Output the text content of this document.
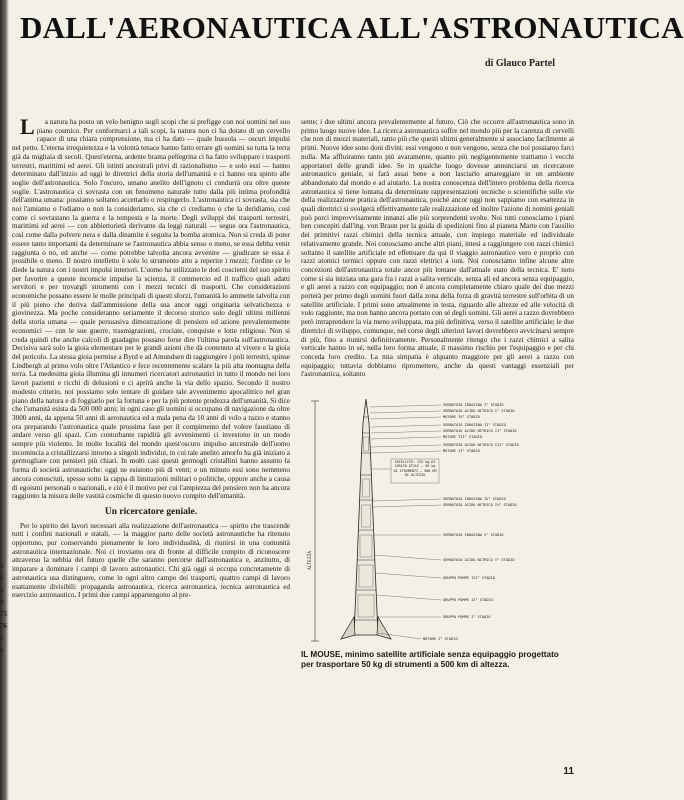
DALL'AERONAUTICA ALL'ASTRONAUTICA
di Glauco Partel

La natura ha posto un velo benigno sugli scopi che si prefigge con noi uomini nel suo piano cosmico. Per conformarci a tali scopi, la natura non ci ha dotato di un cervello capace di una chiara comprensione, ma ci ha dato — quale bussola — oscuri impulsi nel petto. L'eterna irrequietezza e la volontà tenace hanno fatto errare gli uomini su tutta la terra già da migliaia di secoli. Quest'eterna, ardente brama pellegrina ci ha fatto sviluppare i trasporti terrestri, marittimi ed aerei. Gli istinti ancestrali privi di razionalismo — e solo essi — hanno determinato dall'inizio ad oggi le direttrici della storia dell'umanità e ci hanno ora spinto alle soglie dell'astronautica. Solo l'oscuro, umano anelito dell'ignoto ci condurrà ora oltre queste soglie. L'astronautica ci sovrasta con un fenomeno naturale tutto dalla più intima profondità dell'anima umana: possiamo soltanto accettarlo o respingerlo. L'astronautica ci sovrasta, sia che noi l'amiamo o l'odiamo o non la consideriamo, sia che ci crediamo o che la deridiamo, così come ci sovrastano la guerra e la tempesta e la morte. Degli sviluppi dei trasporti terrestri, marittimi ed aerei — con abbiettorietà derivante da leggi naturali — segue ora l'astronautica, così come dalla polvere nera e dalla dinamite è seguita la bomba atomica. Non si creda di poter essere tanto importanti da determinare se l'astronautica abbia senso o meno, se essa debba venir raggiunta o no, ed anche — come potrebbe talvolta ancora avvenire — giudicare se essa è possibile o meno. Il nostro intelletto è solo lo strumento atto a reperire i mezzi; l'ordine ce lo diede la natura con i nostri impulsi interiori. L'uomo ha utilizzato le doti coscienti del suo spirito per favorire a queste inconscie impulse la scienza, il commercio ed il traffico quali adatti servitori e per trovargli strumenti con i mezzi tecnici di trasporti. Che considerazioni economiche possano essere le molle principali di questi sforzi, l'umanità lo ammette talvolta con il più pieno che deriva dall'ammissione della sua ancor oggi originaria selvatichezza e giovinezza. Ma poche consideranno seriamente il decorso storico solo degli ultimi millenni della storia umana — quale persuasiva dimostrazione di pensiero ed azione prevalentemente economici — con le sue guerre, trasmigrazioni, crociate, conquiste e lotte religiose. Non si creda quindi che anche calcoli di guadagno possano forse dire l'ultima parola sull'astronautica. Decisiva sarà solo la gioia elementare per le grandi azioni che dà contenuto al vivere e la gioia del pericolo. La stessa gioia permise a Byrd e ad Amundsen di raggiungere i poli terrestri, spinse Lindbergh al primo volo oltre l'Atlantico e fece recentemente scalare la più alta montagna della terra. La medesima gioia illumina gli innumeri ricercatori astronautici in tutto il mondo nei loro lavori pazienti e ricchi di delusioni e ci aprirà anche la via dello spazio. Secondo il nostro modesto criterio, noi possiamo solo tentare di guidare tale avvenimento apocalittico nel gran piano della natura e di foggiarlo per la fortuna e per la più potente prodezza dell'umanità. Si dice che l'umanità esista da 500 000 anni; in ogni caso gli uomini si occupano di navigazione da oltre 3000 anni, da appena 50 anni di aeronautica ed a mala pena da 10 anni di volo a razzo e stanno ora preparando l'astronautica quale prossima fase per il compimento del volere faustiano di andare verso gli spazi. Con conturbante rapidità gli avvenimenti ci investono in un modo sempre più violento. In molte località del mondo quest'oscuro impulso ancestrale dell'uomo incomincia a cristallizzarsi intorno a singoli individui, in cui tale anelito amorfo ha già iniziato a germogliare con pensieri più chiari. In molti casi questi germogli cristallini hanno assunto la forma di società astronautiche: oggi ne esistono più di venti; e un minuto essi sono nemmeno ancora conosciuti, spesso sotto la cappa di limitazioni militari o politiche, oppure anche a causa di egoismi personali o nazionali, e ciò è il motivo per cui l'ampiezza del pensiero non ha ancora raggiunto la misura delle vastità cosmiche di questo nuovo compito dell'umanità.

Un ricercatore geniale.

Per lo spirito dei lavori necessari alla realizzazione dell'astronautica — spirito che trascende tutti i confini nazionali e statali, — la maggior parte delle società astronautiche ha ritenuto opportuno, pur conservando pienamente le loro individualità, di riunirsi in una comunità astronautica internazionale. Noi ci troviamo ora di fronte al difficile compito di riconoscere attraverso la nebbia del futuro quelle che saranno percorse dall'astronautica e, anzitutto, di imparare a dominare i campi di lavoro astronautici. Chi già oggi si occupa concretamente di astronautica usa distinguere, come in ogni altro campo dei trasporti, quattro campi di lavoro esattamente divisibili: propaganda astronautica, ricerca astronautica, tecnica astronautica ed esercizio astronautico. I primi due campi appartengono al pre-

5
6
5
0
75
76
s
e

sente; i due ultimi ancora prevalentemente al futuro. Ciò che occorre all'astronautica sono in primo luogo nuove idee. La ricerca astronautica soffre nel mondo più per la carenza di cervelli che non di mezzi materiali, tanto più che questi ultimi generalmente si associano facilmente ai primi. Nuove idee sono doni divini: essi vengono o non vengono, senza che noi possiamo farci nulla. Ma affluiranno tanto più avaramente, quanto più negligentemente trattiamo i vecchi apportatori delle grandi idee. Se in qualche luogo dovesse annunciarsi un ricercatore astronautico geniale, si farà assai bene a non lasciarlo amareggiare in un ambiente abbandonato dal mondo e ad aiutarlo. La nostra conoscenza dell'intero problema della ricerca astronautica si tiene lontana da determinate rappresentazioni tecniche o scientifiche sulle vie della realizzazione pratica dell'astronautica, poiché ancor oggi non sappiamo con esattezza in quali direttrici si svolgerà effettivamente tale realizzazione ed inoltre l'azione di nomini geniali può porci improvvisamente innanzi alle più sorprendenti svolte. Noi tutti conosciamo i piani ben concepiti dall'ing. von Braun per la guida di spedizioni fino al pianeta Marte con l'ausilio dei primitivi razzi chimici della tecnica attuale, con impiego materiale ed individuale relativamente grande. Noi conosciamo anche altri piani, intesi a raggiungere con razzi chimici soltanto il satellite artificiale ed effettuare da qui il viaggio astronautico vero e proprio con razzi atomici termici oppure con razzi elettrici a ioni. Noi conosciamo infine alcune altre concezioni dell'astronautica totale ancor più lontane dall'attuale stato della tecnica. E' noto come si sia iniziata una gara fra i razzi a salita verticale, senza ali ed ancora senza equipaggio, e gli aerei a razzo con equipaggio; non è ancora completamente chiaro quale dei due mezzi porterà per primo degli uomini fuori dalla zona della forza di gravità terrestre sull'orbita di un satellite artificiale. I primi sono attualmente in testa, riguardo alle altezze ed alle velocità di volo raggiunte, ma non hanno ancora portato con sé degli uomini. Gli aerei a razzo dovrebbero però intraprendere la via meno sviluppata, ma più definitiva, verso il satellite artificiale; le due direttrici di sviluppo, comunque, nel corso degli ulteriori lavori dovrebbero avvicinarsi sempre di più, fino a riunirsi definitivamente. Personalmente ritengo che i razzi chimici a salita verticale hanno in sé, nella loro forma attuale, il massimo rischio per l'equipaggio e per chi conceda loro credito. La mia simpatia è alquanto maggiore per gli aerei a razzo con equipaggio; tuttavia dobbiamo ripromettere, anche da questi vantaggi essenziali per l'astronautica, soltanto

ALTEZZA
SERBATOIO IDRAZINA I° STADIO
SERBATOIO ACIDO NITRICO I° STADIO
MOTORE IV° STADIO
SERBATOIO IDRAZINA II° STADIO
SERBATOIO ACIDO NITRICO II° STADIO
MOTORE III° STADIO
SERBATOIO ACIDO NITRICO III° STADIO
MOTORE II° STADIO
SERBATOIO IDRAZINA IV° STADIO
SERBATOIO ACIDO NITRICO IV° STADIO
SERBATOIO IDRAZINA V° STADIO
SERBATOIO ACIDO NITRICO V° STADIO
GRUPPO POMPE III° STADIO
GRUPPO POMPE II° STADIO
GRUPPO POMPE I° STADIO
MOTORE I° STADIO
SATELLITE: 125 kg DI CARICO UTILE — 50 kg DI STRUMENTI — 500 KM DI ALTEZZA
IL MOUSE, minimo satellite artificiale senza equipaggio progettato per trasportare 50 kg di strumenti a 500 km di altezza.
11
